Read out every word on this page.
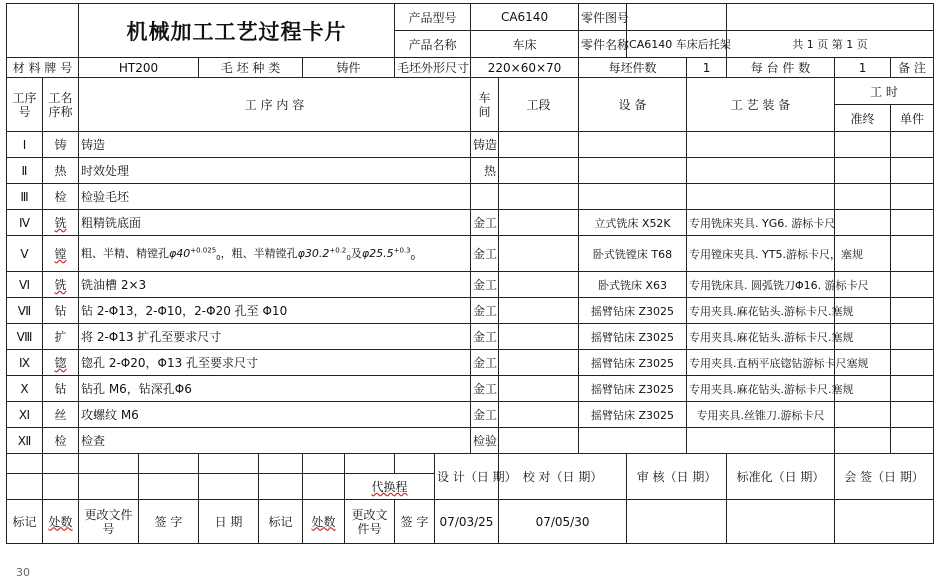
		机械加工工艺过程卡片						产品型号		CA6140		零件图号					
								产品名称		车床		零件名称	CA6140 车床后托架		共 1 页 第 1 页		
材 料 牌 号		HT200		毛 坯 种 类		铸件		毛坯外形尺寸		220×60×70		每坯件数		1	每 台 件 数	1	备 注
工序号	工名序称	工 序 内 容								车间	工段	设 备		工 艺 装 备		工 时	
																准终	单件
Ⅰ	铸	铸造								铸造							
Ⅱ	热	时效处理								热							
Ⅲ	检	检验毛坯															
Ⅳ	铣	粗精铣底面								金工		立式铣床 X52K		专用铣床夹具. YG6. 游标卡尺			
Ⅴ	镗	粗、半精、精镗孔$\varphi 40^{+0.025}_0$，粗、半精镗孔$\varphi 30.2^{+0.2}_0$及$\varphi 25.5^{+0.3}_0$								金工		卧式铣镗床 T68		专用镗床夹具. YT5.游标卡尺，塞规			
Ⅵ	铣	铣油槽 2×3								金工		卧式铣床 X63		专用铣床具. 圆弧铣刀Φ16. 游标卡尺			
Ⅶ	钻	钻 2-Φ13，2-Φ10，2-Φ20 孔至 Φ10								金工		摇臂钻床 Z3025		专用夹具.麻花钻头.游标卡尺.塞规			
Ⅷ	扩	将 2-Φ13 扩孔至要求尺寸								金工		摇臂钻床 Z3025		专用夹具.麻花钻头.游标卡尺.塞规			
Ⅸ	锪	锪孔 2-Φ20，Φ13 孔至要求尺寸								金工		摇臂钻床 Z3025		专用夹具.直柄平底锪钻游标卡尺塞规			
Ⅹ	钻	钻孔 M6，钻深孔Φ6								金工		摇臂钻床 Z3025		专用夹具.麻花钻头.游标卡尺.塞规			
Ⅺ	丝	攻螺纹 M6								金工		摇臂钻床 Z3025		专用夹具.丝锥刀.游标卡尺			
Ⅻ	检	检查								检验							
									设 计（日 期）		校 对（日 期）		审 核（日 期）		标准化（日 期）	会 签（日 期）	
							代换程										
标记	处数	更改文件号	签 字	日 期	标记	处数	更改文件号	签 字	07/03/25		07/05/30						
30
